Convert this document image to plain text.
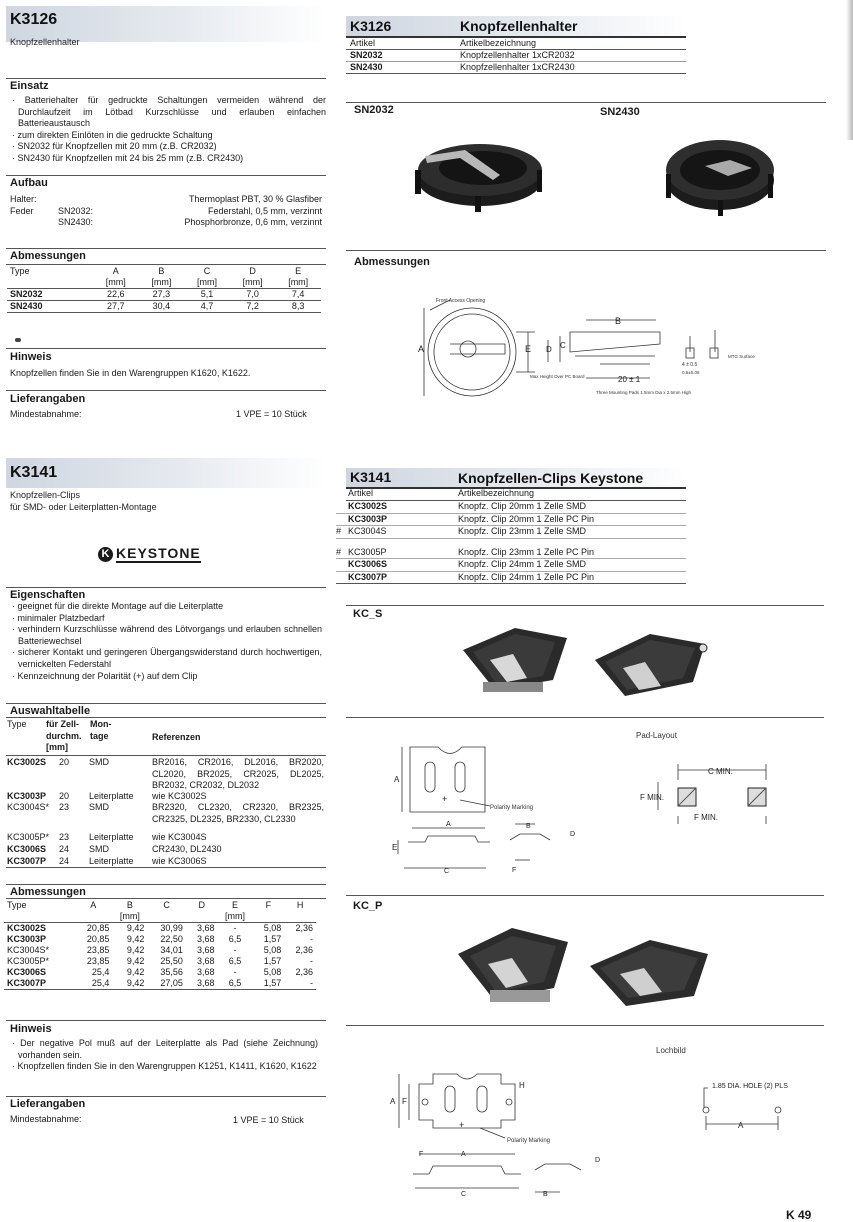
K3126
Knopfzellenhalter
Einsatz
· Batteriehalter für gedruckte Schaltungen vermeiden während der Durchlaufzeit im Lötbad Kurzschlüsse und erlauben einfachen Batterieaustausch
· zum direkten Einlöten in die gedruckte Schaltung
· SN2032 für Knopfzellen mit 20 mm (z.B. CR2032)
· SN2430 für Knopfzellen mit 24 bis 25 mm (z.B. CR2430)
Aufbau
Halter:	Thermoplast PBT, 30 % Glasfiber
Feder	SN2032:	Federstahl, 0,5 mm, verzinnt
SN2430:	Phosphorbronze, 0,6 mm, verzinnt
Abmessungen
Type	A	B	C	D	E
	[mm]	[mm]	[mm]	[mm]	[mm]
SN2032	22,6	27,3	5,1	7,0	7,4
SN2430	27,7	30,4	4,7	7,2	8,3
Hinweis
Knopfzellen finden Sie in den Warengruppen K1620, K1622.
Lieferangaben
Mindestabnahme:	1 VPE = 10 Stück
K3126	Knopfzellenhalter
Artikel	Artikelbezeichnung
SN2032	Knopfzellenhalter 1xCR2032
SN2430	Knopfzellenhalter 1xCR2430
SN2032	SN2430
Abmessungen
Front Access Opening
A	E D C
B
20 ± 1
Max Height Over PC Board
Three Mounting Pads 1.5mm Dia x 2.5mm High
4 ± 0.5
0.5±0.05
MTG Surface
K3141
Knopfzellen-Clips
für SMD- oder Leiterplatten-Montage
K KEYSTONE
Eigenschaften
· geeignet für die direkte Montage auf die Leiterplatte
· minimaler Platzbedarf
· verhindern Kurzschlüsse während des Lötvorgangs und erlauben schnellen Batteriewechsel
· sicherer Kontakt und geringeren Übergangswiderstand durch hochwertigen, vernickelten Federstahl
· Kennzeichnung der Polarität (+) auf dem Clip
Auswahltabelle
Type	für Zell-durchm. [mm]
Mon-tage	Referenzen
KC3002S	20	SMD	BR2016, CR2016, DL2016, BR2020, CL2020, BR2025, CR2025, DL2025, BR2032, CR2032, DL2032
KC3003P	20	Leiterplatte	wie KC3002S
KC3004S*	23	SMD	BR2320, CL2320, CR2320, BR2325, CR2325, DL2325, BR2330, CL2330
KC3005P*	23	Leiterplatte	wie KC3004S
KC3006S	24	SMD	CR2430, DL2430
KC3007P	24	Leiterplatte	wie KC3006S
Abmessungen
Type	A	B	C	D	E	F	H
		[mm]			[mm]		
KC3002S	20,85	9,42	30,99	3,68	-	5,08	2,36
KC3003P	20,85	9,42	22,50	3,68	6,5	1,57	-
KC3004S*	23,85	9,42	34,01	3,68	-	5,08	2,36
KC3005P*	23,85	9,42	25,50	3,68	6,5	1,57	-
KC3006S	25,4	9,42	35,56	3,68	-	5,08	2,36
KC3007P	25,4	9,42	27,05	3,68	6,5	1,57	-
Hinweis
· Der negative Pol muß auf der Leiterplatte als Pad (siehe Zeichnung) vorhanden sein.
· Knopfzellen finden Sie in den Warengruppen K1251, K1411, K1620, K1622
Lieferangaben
Mindestabnahme:	1 VPE = 10 Stück
K3141	Knopfzellen-Clips Keystone
Artikel	Artikelbezeichnung
KC3002S	Knopfz. Clip 20mm 1 Zelle SMD
KC3003P	Knopfz. Clip 20mm 1 Zelle PC Pin
# KC3004S	Knopfz. Clip 23mm 1 Zelle SMD
# KC3005P	Knopfz. Clip 23mm 1 Zelle PC Pin
KC3006S	Knopfz. Clip 24mm 1 Zelle SMD
KC3007P	Knopfz. Clip 24mm 1 Zelle PC Pin
KC_S
Pad-Layout
+
A
A
E
C
B
D
F
Polarity Marking
C MIN.
F MIN.
F MIN.
KC_P
Lochbild
+
A F
H
F	A
C	B
D
Polarity Marking
1.85 DIA. HOLE (2) PLS
A
K 49
